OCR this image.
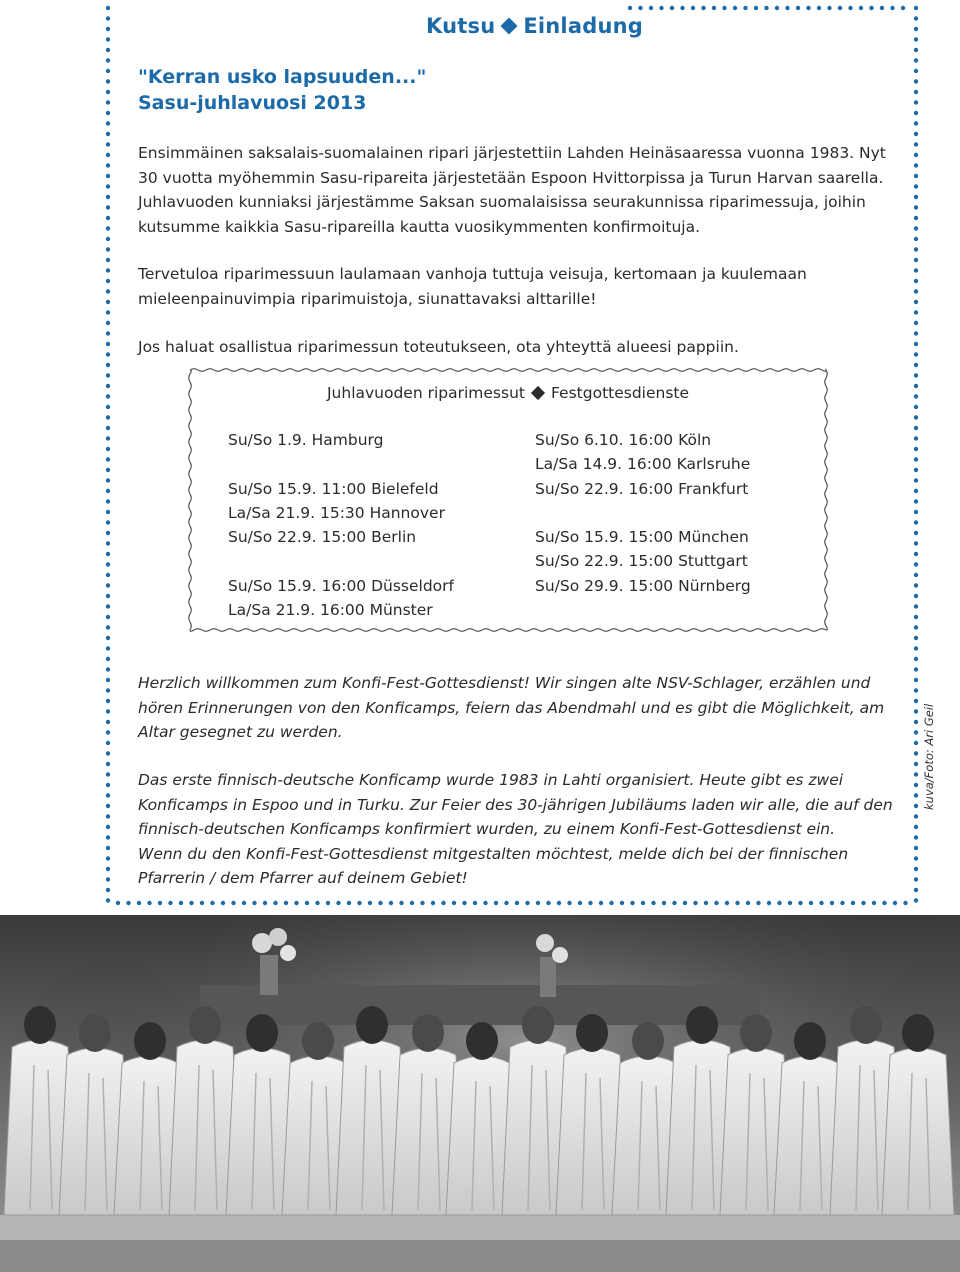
Kutsu Einladung
"Kerran usko lapsuuden..."
Sasu-juhlavuosi 2013
Ensimmäinen saksalais-suomalainen ripari järjestettiin Lahden Heinäsaaressa vuonna 1983. Nyt 30 vuotta myöhemmin Sasu-ripareita järjestetään Espoon Hvittorpissa ja Turun Harvan saarella. Juhlavuoden kunniaksi järjestämme Saksan suomalaisissa seurakunnissa riparimessuja, joihin kutsumme kaikkia Sasu-ripareilla kautta vuosikymmenten konfirmoituja.
Tervetuloa riparimessuun laulamaan vanhoja tuttuja veisuja, kertomaan ja kuulemaan mieleenpainuvimpia riparimuistoja, siunattavaksi alttarille!
Jos haluat osallistua riparimessun toteutukseen, ota yhteyttä alueesi pappiin.
Juhlavuoden riparimessut Festgottesdienste
Su/So 1.9. Hamburg
Su/So 15.9. 11:00 Bielefeld
La/Sa 21.9. 15:30 Hannover
Su/So 22.9. 15:00 Berlin
Su/So 15.9. 16:00 Düsseldorf
La/Sa 21.9. 16:00 Münster
Su/So 6.10. 16:00 Köln
La/Sa 14.9. 16:00 Karlsruhe
Su/So 22.9. 16:00 Frankfurt
Su/So 15.9. 15:00 München
Su/So 22.9. 15:00 Stuttgart
Su/So 29.9. 15:00 Nürnberg
Herzlich willkommen zum Konfi-Fest-Gottesdienst! Wir singen alte NSV-Schlager, erzählen und hören Erinnerungen von den Konficamps, feiern das Abendmahl und es gibt die Möglichkeit, am Altar gesegnet zu werden.
Das erste finnisch-deutsche Konficamp wurde 1983 in Lahti organisiert. Heute gibt es zwei Konficamps in Espoo und in Turku. Zur Feier des 30-jährigen Jubiläums laden wir alle, die auf den finnisch-deutschen Konficamps konfirmiert wurden, zu einem Konfi-Fest-Gottesdienst ein.
Wenn du den Konfi-Fest-Gottesdienst mitgestalten möchtest, melde dich bei der finnischen Pfarrerin / dem Pfarrer auf deinem Gebiet!
kuva/Foto: Ari Geil
